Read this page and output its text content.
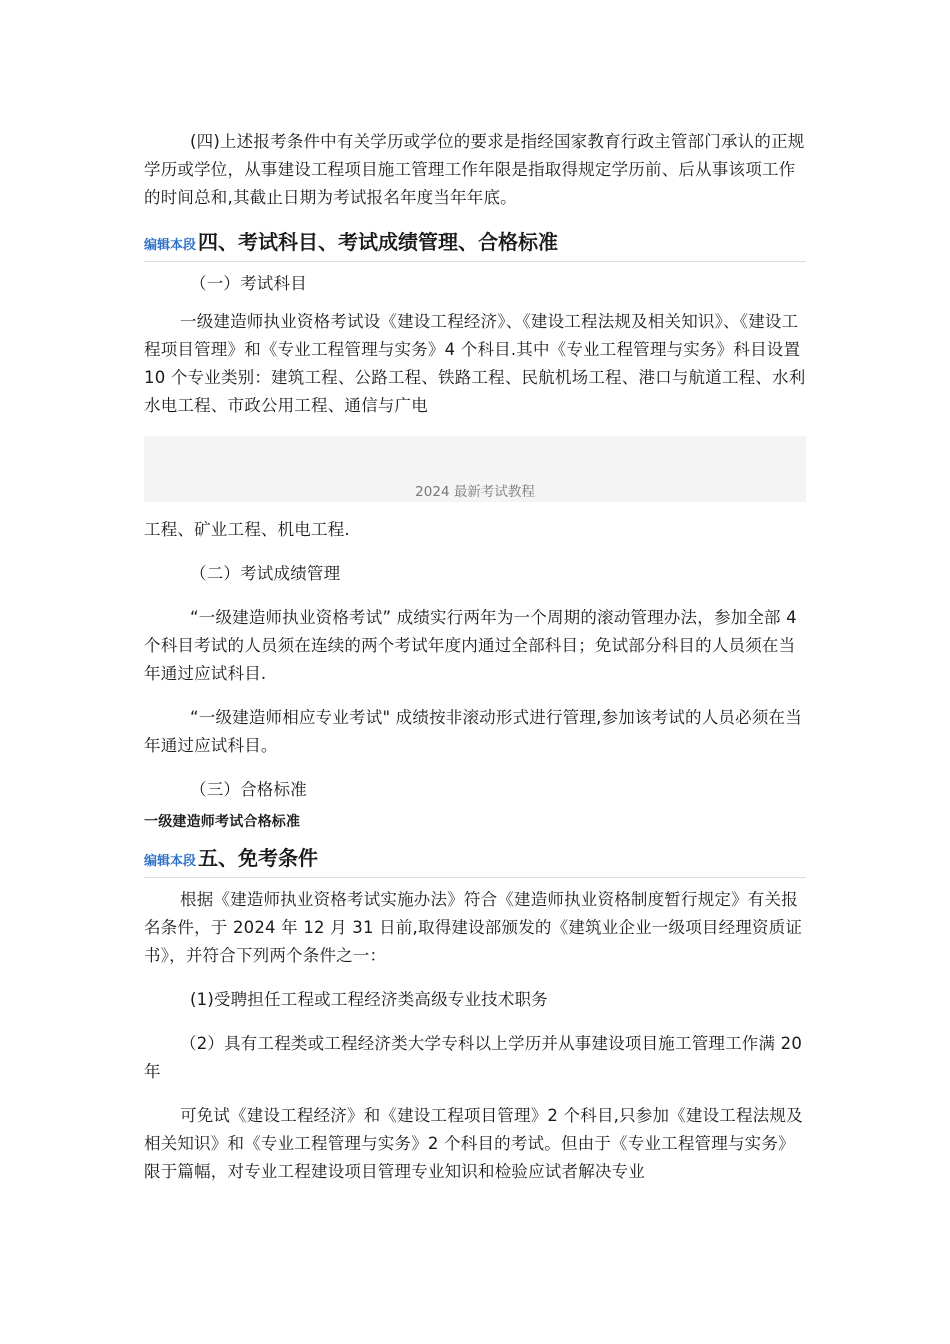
(四)上述报考条件中有关学历或学位的要求是指经国家教育行政主管部门承认的正规学历或学位，从事建设工程项目施工管理工作年限是指取得规定学历前、后从事该项工作的时间总和,其截止日期为考试报名年度当年年底。

编辑本段 四、考试科目、考试成绩管理、合格标准

（一）考试科目

一级建造师执业资格考试设《建设工程经济》、《建设工程法规及相关知识》、《建设工程项目管理》和《专业工程管理与实务》4 个科目.其中《专业工程管理与实务》科目设置 10 个专业类别：建筑工程、公路工程、铁路工程、民航机场工程、港口与航道工程、水利水电工程、市政公用工程、通信与广电

2024 最新考试教程

工程、矿业工程、机电工程.

（二）考试成绩管理

“一级建造师执业资格考试” 成绩实行两年为一个周期的滚动管理办法，参加全部 4 个科目考试的人员须在连续的两个考试年度内通过全部科目；免试部分科目的人员须在当年通过应试科目.

“一级建造师相应专业考试" 成绩按非滚动形式进行管理,参加该考试的人员必须在当年通过应试科目。

（三）合格标准

一级建造师考试合格标准

编辑本段 五、免考条件

根据《建造师执业资格考试实施办法》符合《建造师执业资格制度暂行规定》有关报名条件，于 2024 年 12 月 31 日前,取得建设部颁发的《建筑业企业一级项目经理资质证书》，并符合下列两个条件之一：

(1)受聘担任工程或工程经济类高级专业技术职务

（2）具有工程类或工程经济类大学专科以上学历并从事建设项目施工管理工作满 20 年

可免试《建设工程经济》和《建设工程项目管理》2 个科目,只参加《建设工程法规及相关知识》和《专业工程管理与实务》2 个科目的考试。但由于《专业工程管理与实务》限于篇幅，对专业工程建设项目管理专业知识和检验应试者解决专业
